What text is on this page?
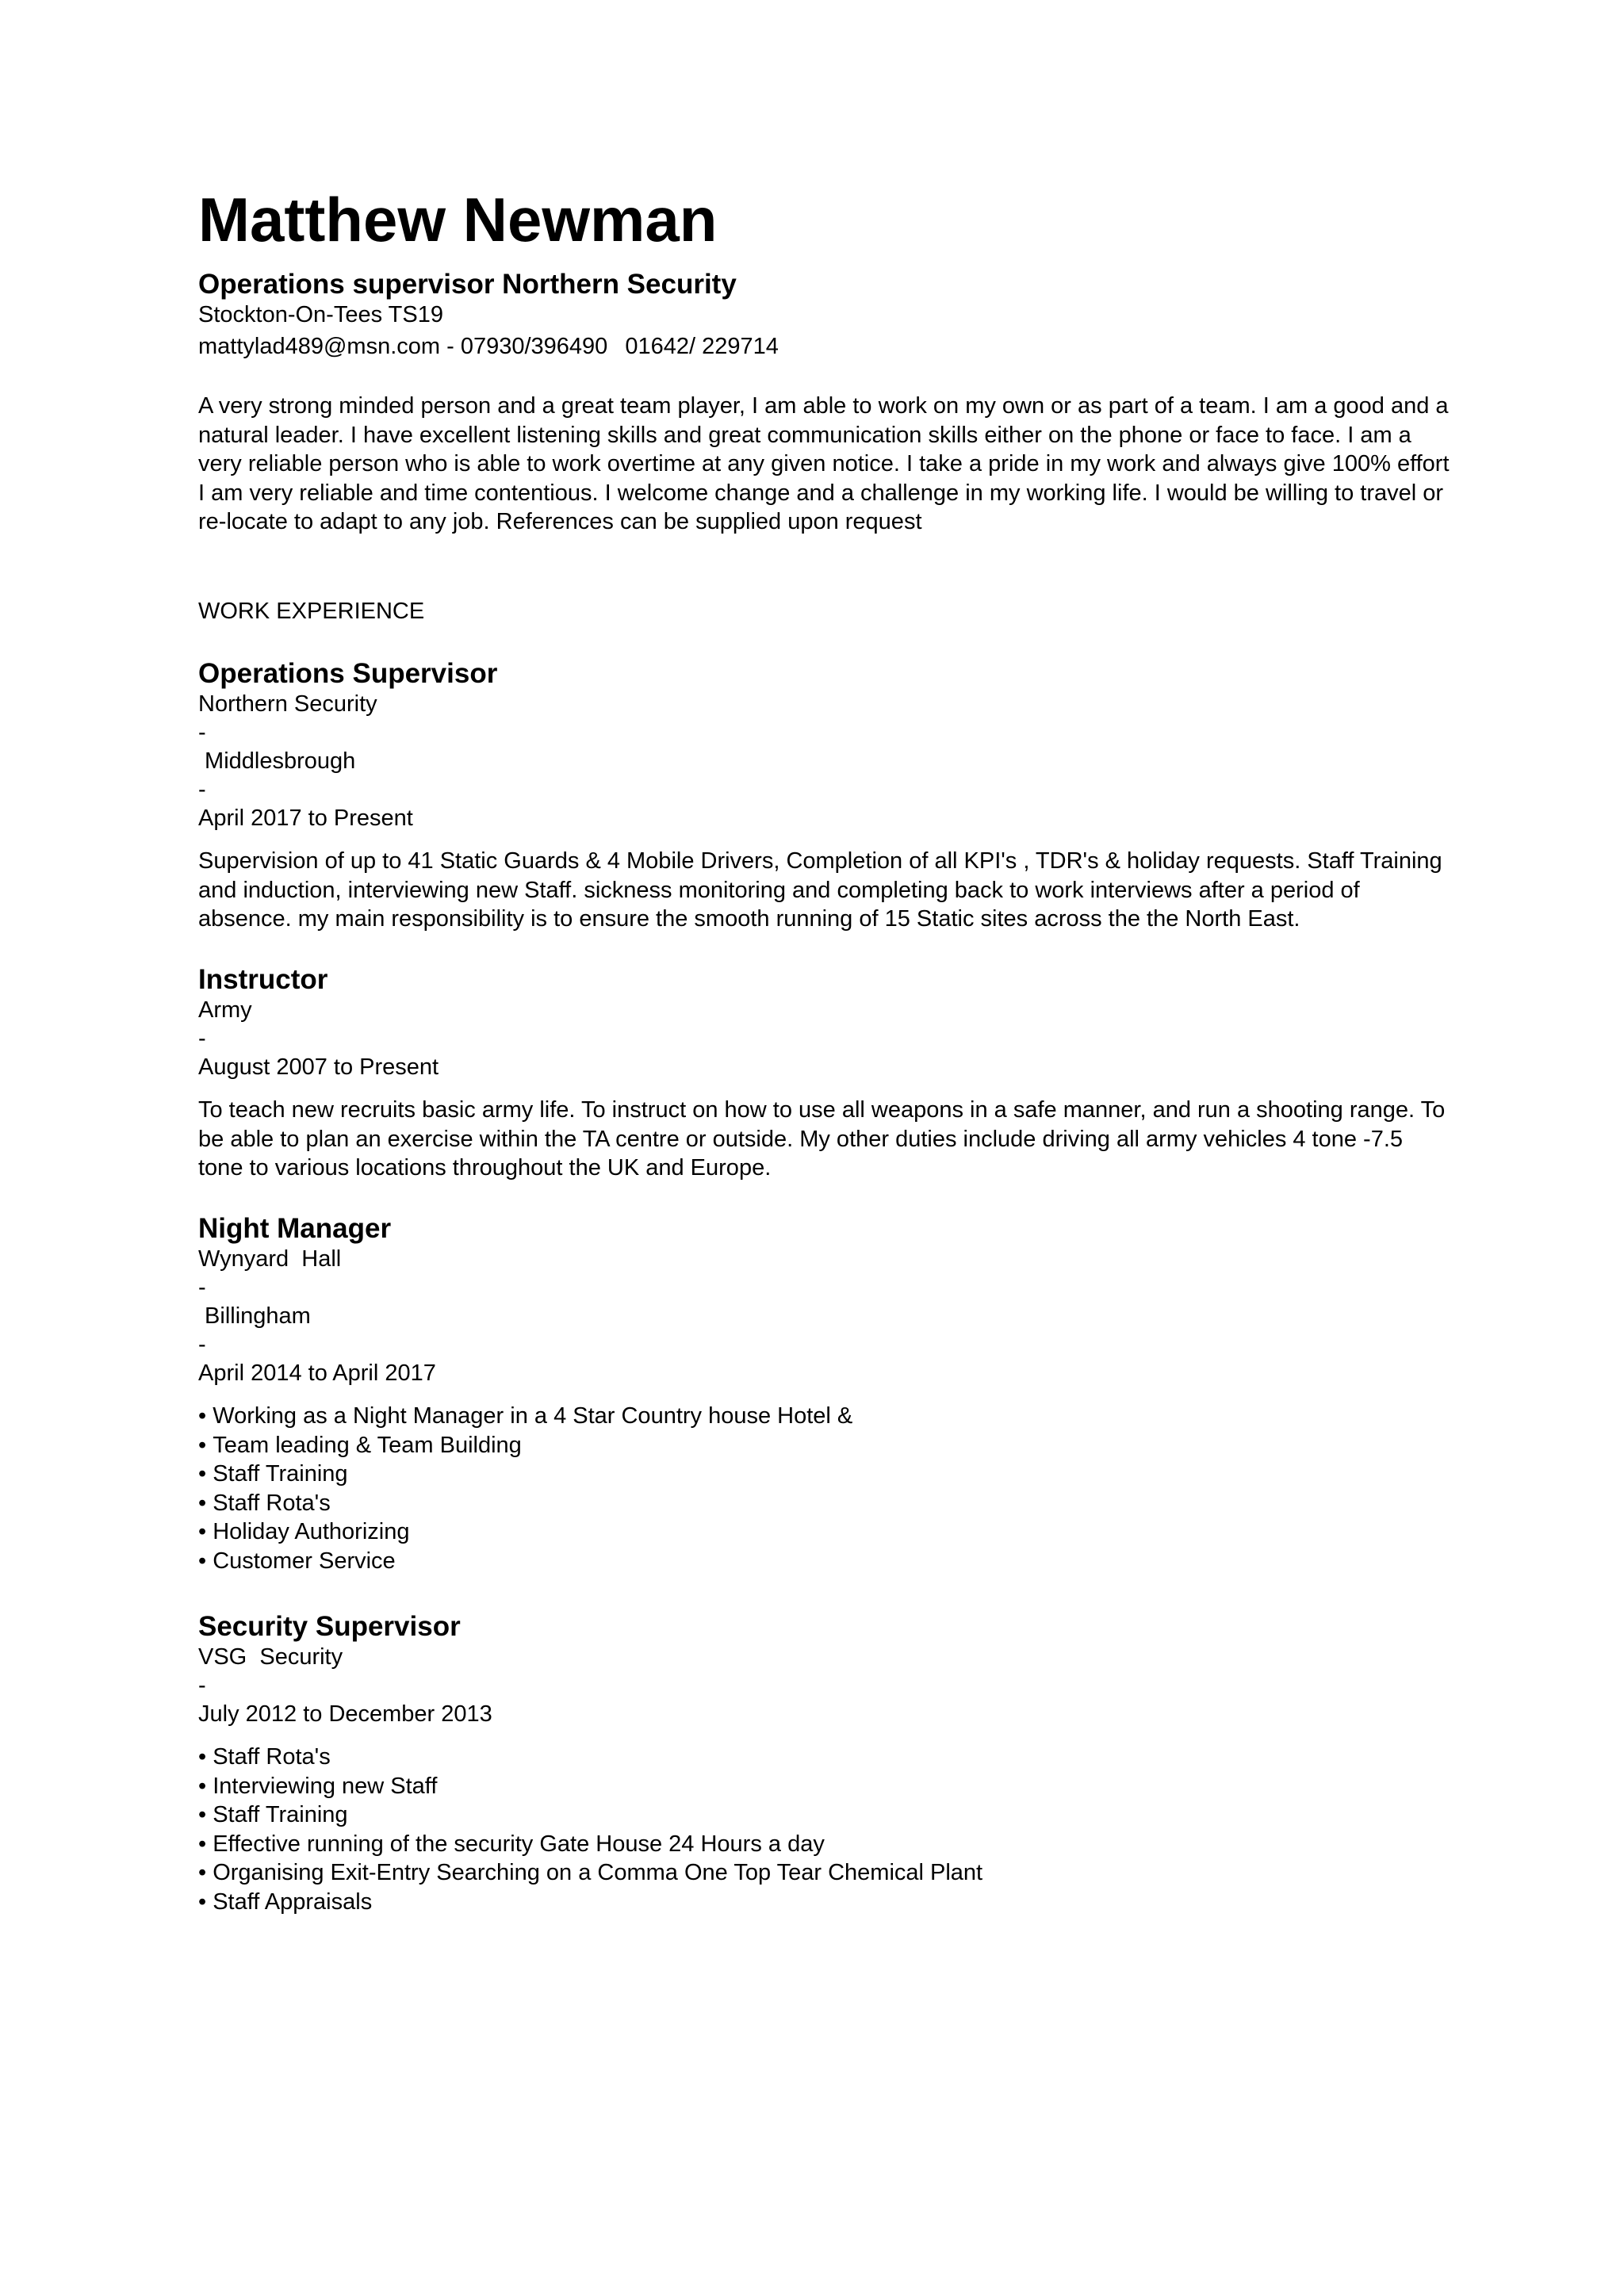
Matthew Newman
Operations supervisor Northern Security
Stockton-On-Tees TS19
mattylad489@msn.com - 07930/396490 01642/ 229714
A very strong minded person and a great team player, I am able to work on my own or as part of a team. I am a good and a natural leader. I have excellent listening skills and great communication skills either on the phone or face to face. I am a very reliable person who is able to work overtime at any given notice. I take a pride in my work and always give 100% effort I am very reliable and time contentious. I welcome change and a challenge in my working life. I would be willing to travel or re-locate to adapt to any job. References can be supplied upon request
WORK EXPERIENCE
Operations Supervisor
Northern Security
-
Middlesbrough
-
April 2017 to Present
Supervision of up to 41 Static Guards & 4 Mobile Drivers, Completion of all KPI's , TDR's & holiday requests. Staff Training and induction, interviewing new Staff. sickness monitoring and completing back to work interviews after a period of absence. my main responsibility is to ensure the smooth running of 15 Static sites across the the North East.
Instructor
Army
-
August 2007 to Present
To teach new recruits basic army life. To instruct on how to use all weapons in a safe manner, and run a shooting range. To be able to plan an exercise within the TA centre or outside. My other duties include driving all army vehicles 4 tone -7.5 tone to various locations throughout the UK and Europe.
Night Manager
Wynyard  Hall
-
Billingham
-
April 2014 to April 2017
• Working as a Night Manager in a 4 Star Country house Hotel &
• Team leading & Team Building
• Staff Training
• Staff Rota's
• Holiday Authorizing
• Customer Service
Security Supervisor
VSG  Security
-
July 2012 to December 2013
• Staff Rota's
• Interviewing new Staff
• Staff Training
• Effective running of the security Gate House 24 Hours a day
• Organising Exit-Entry Searching on a Comma One Top Tear Chemical Plant
• Staff Appraisals
